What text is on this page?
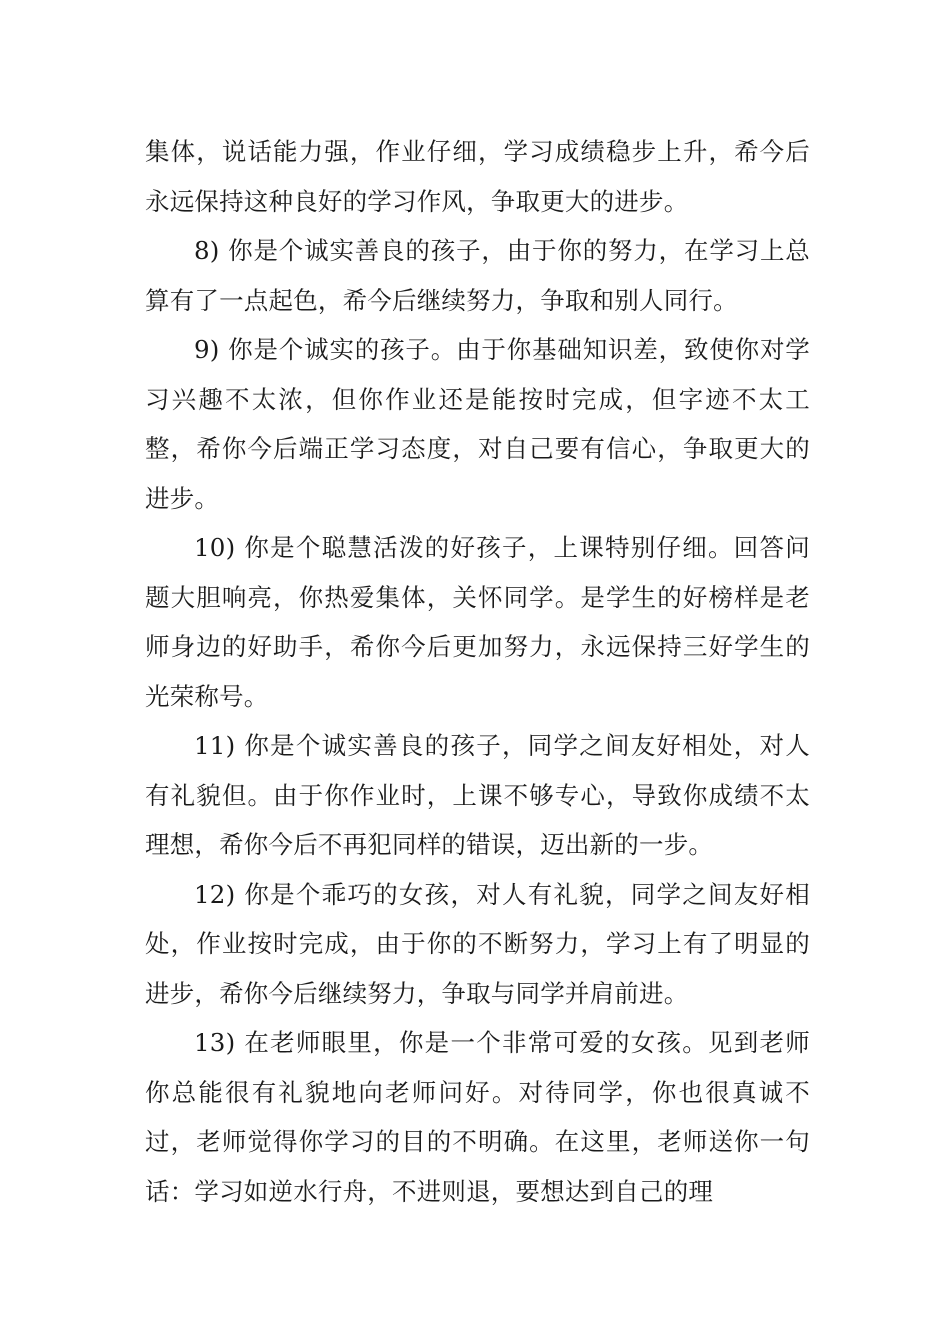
集体，说话能力强，作业仔细，学习成绩稳步上升，希今后永远保持这种良好的学习作风，争取更大的进步。

8) 你是个诚实善良的孩子，由于你的努力，在学习上总算有了一点起色，希今后继续努力，争取和别人同行。

9) 你是个诚实的孩子。由于你基础知识差，致使你对学习兴趣不太浓，但你作业还是能按时完成，但字迹不太工整，希你今后端正学习态度，对自己要有信心，争取更大的进步。

10) 你是个聪慧活泼的好孩子，上课特别仔细。回答问题大胆响亮，你热爱集体，关怀同学。是学生的好榜样是老师身边的好助手，希你今后更加努力，永远保持三好学生的光荣称号。

11) 你是个诚实善良的孩子，同学之间友好相处，对人有礼貌但。由于你作业时，上课不够专心，导致你成绩不太理想，希你今后不再犯同样的错误，迈出新的一步。

12) 你是个乖巧的女孩，对人有礼貌，同学之间友好相处，作业按时完成，由于你的不断努力，学习上有了明显的进步，希你今后继续努力，争取与同学并肩前进。

13) 在老师眼里，你是一个非常可爱的女孩。见到老师你总能很有礼貌地向老师问好。对待同学，你也很真诚不过，老师觉得你学习的目的不明确。在这里，老师送你一句话：学习如逆水行舟，不进则退，要想达到自己的理
